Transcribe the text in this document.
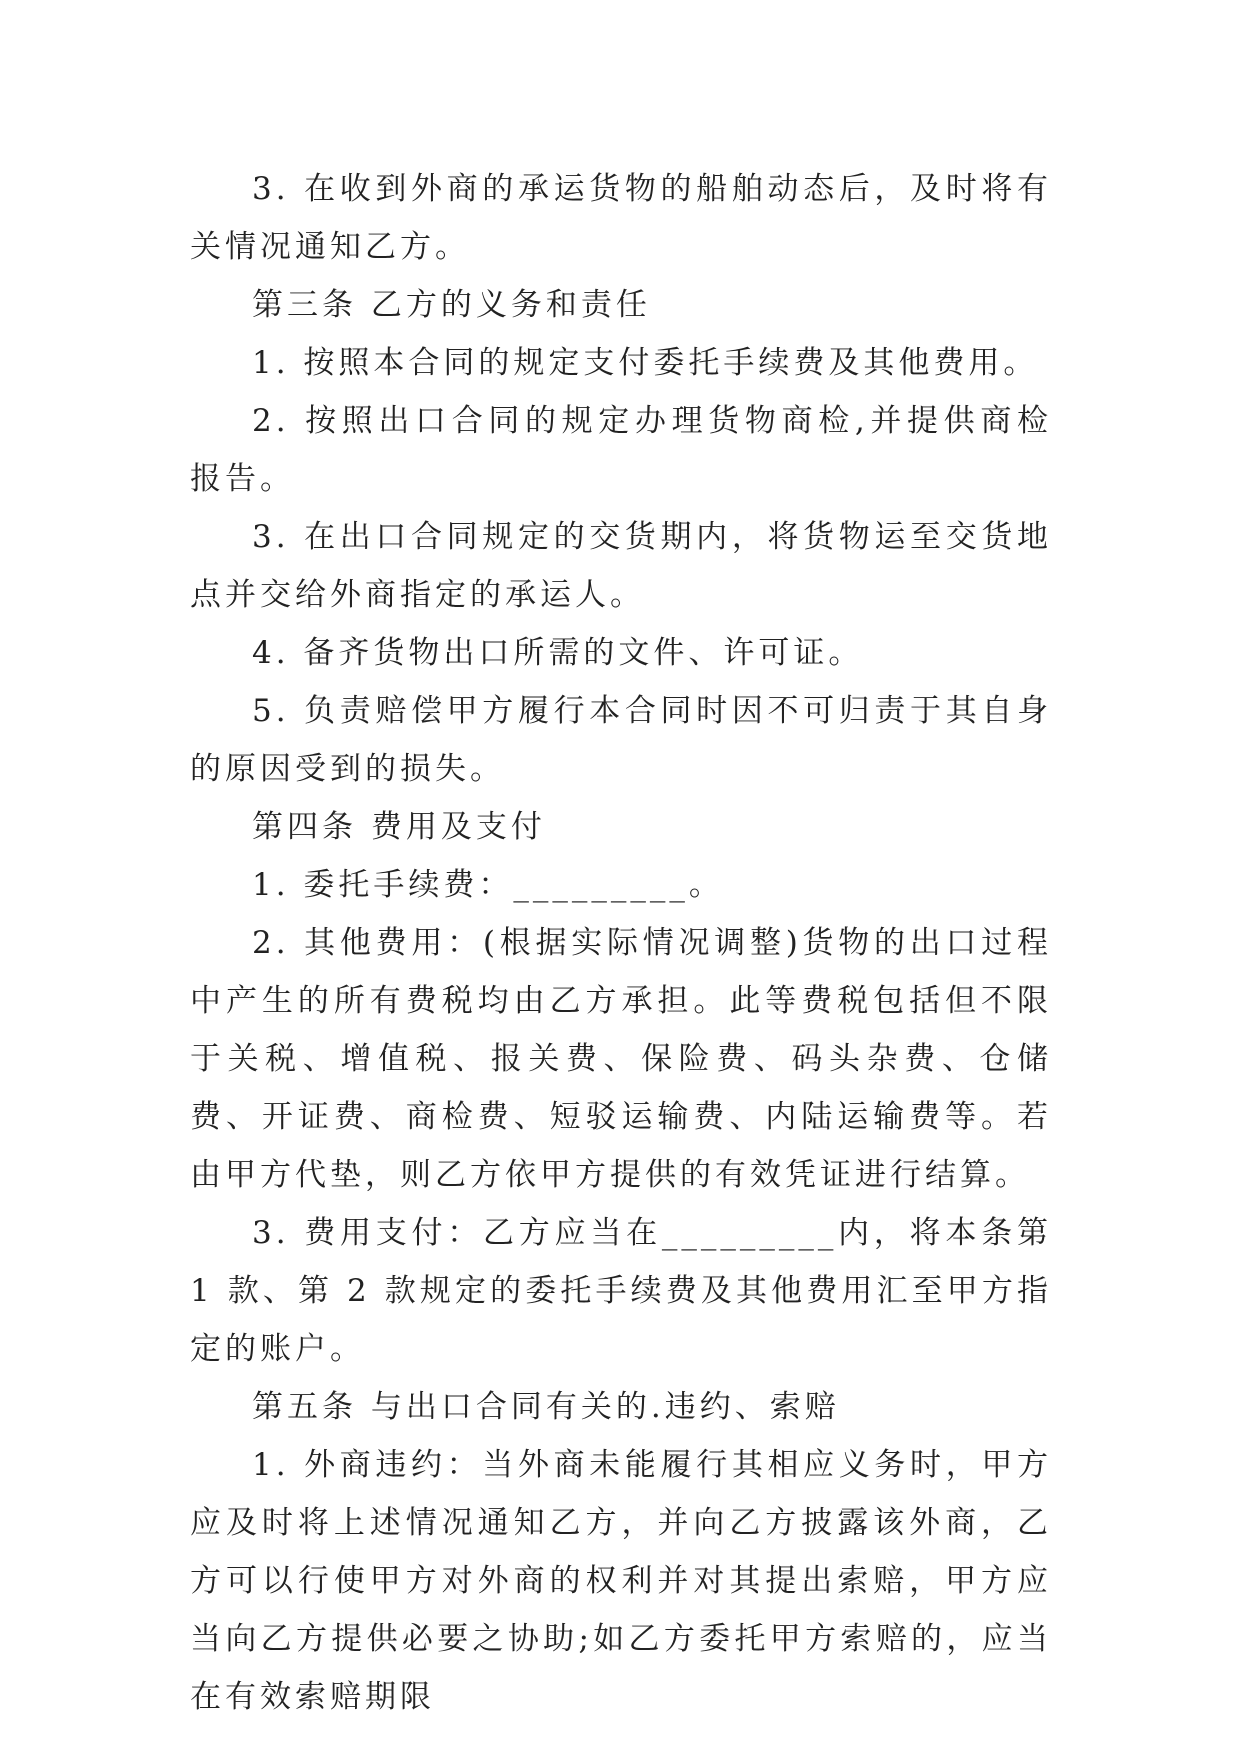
3. 在收到外商的承运货物的船舶动态后，及时将有关情况通知乙方。

第三条 乙方的义务和责任

1. 按照本合同的规定支付委托手续费及其他费用。

2. 按照出口合同的规定办理货物商检,并提供商检报告。

3. 在出口合同规定的交货期内，将货物运至交货地点并交给外商指定的承运人。

4. 备齐货物出口所需的文件、许可证。

5. 负责赔偿甲方履行本合同时因不可归责于其自身的原因受到的损失。

第四条 费用及支付

1. 委托手续费：_________。

2. 其他费用：(根据实际情况调整)货物的出口过程中产生的所有费税均由乙方承担。此等费税包括但不限于关税、增值税、报关费、保险费、码头杂费、仓储费、开证费、商检费、短驳运输费、内陆运输费等。若由甲方代垫，则乙方依甲方提供的有效凭证进行结算。

3. 费用支付：乙方应当在_________内，将本条第 1 款、第 2 款规定的委托手续费及其他费用汇至甲方指定的账户。

第五条 与出口合同有关的.违约、索赔

1. 外商违约：当外商未能履行其相应义务时，甲方应及时将上述情况通知乙方，并向乙方披露该外商，乙方可以行使甲方对外商的权利并对其提出索赔，甲方应当向乙方提供必要之协助;如乙方委托甲方索赔的，应当在有效索赔期限
